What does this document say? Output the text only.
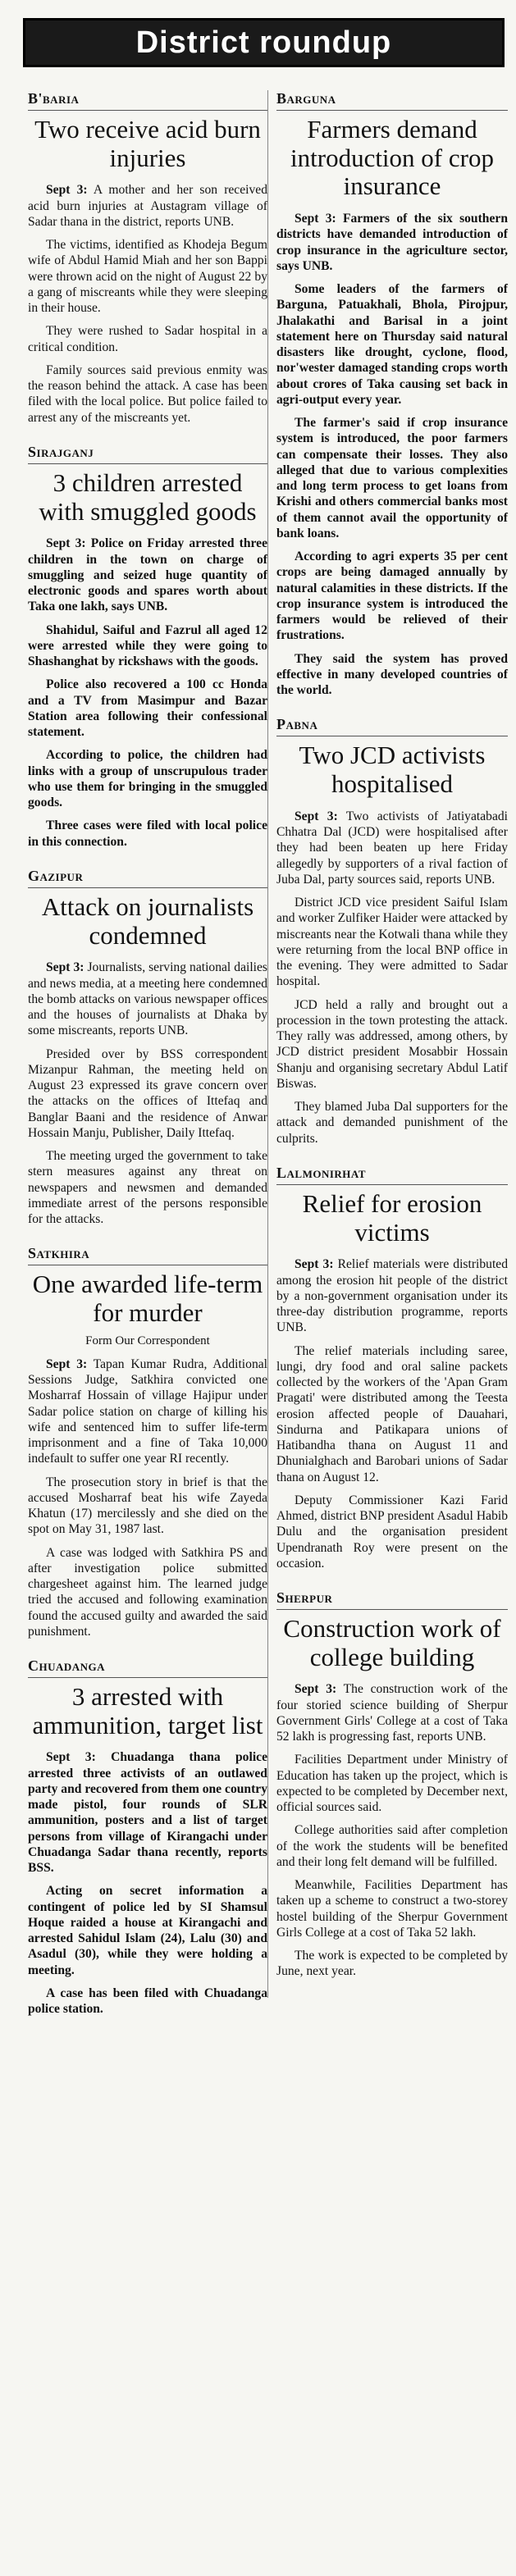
District roundup
B'baria
Two receive acid burn injuries

Sept 3: A mother and her son received acid burn injuries at Austagram village of Sadar thana in the district, reports UNB.

The victims, identified as Khodeja Begum wife of Abdul Hamid Miah and her son Bappi were thrown acid on the night of August 22 by a gang of miscreants while they were sleeping in their house.

They were rushed to Sadar hospital in a critical condition.

Family sources said previous enmity was the reason behind the attack. A case has been filed with the local police. But police failed to arrest any of the miscreants yet.

Sirajganj
3 children arrested with smuggled goods

Sept 3: Police on Friday arrested three children in the town on charge of smuggling and seized huge quantity of electronic goods and spares worth about Taka one lakh, says UNB.

Shahidul, Saiful and Fazrul all aged 12 were arrested while they were going to Shashanghat by rickshaws with the goods.

Police also recovered a 100 cc Honda and a TV from Masimpur and Bazar Station area following their confessional statement.

According to police, the children had links with a group of unscrupulous trader who use them for bringing in the smuggled goods.

Three cases were filed with local police in this connection.

Gazipur
Attack on journalists condemned

Sept 3: Journalists, serving national dailies and news media, at a meeting here condemned the bomb attacks on various newspaper offices and the houses of journalists at Dhaka by some miscreants, reports UNB.

Presided over by BSS correspondent Mizanpur Rahman, the meeting held on August 23 expressed its grave concern over the attacks on the offices of Ittefaq and Banglar Baani and the residence of Anwar Hossain Manju, Publisher, Daily Ittefaq.

The meeting urged the government to take stern measures against any threat on newspapers and newsmen and demanded immediate arrest of the persons responsible for the attacks.

Satkhira
One awarded life-term for murder
Form Our Correspondent

Sept 3: Tapan Kumar Rudra, Additional Sessions Judge, Satkhira convicted one Mosharraf Hossain of village Hajipur under Sadar police station on charge of killing his wife and sentenced him to suffer life-term imprisonment and a fine of Taka 10,000 indefault to suffer one year RI recently.

The prosecution story in brief is that the accused Mosharraf beat his wife Zayeda Khatun (17) mercilessly and she died on the spot on May 31, 1987 last.

A case was lodged with Satkhira PS and after investigation police submitted chargesheet against him. The learned judge tried the accused and following examination found the accused guilty and awarded the said punishment.

Chuadanga
3 arrested with ammunition, target list

Sept 3: Chuadanga thana police arrested three activists of an outlawed party and recovered from them one country made pistol, four rounds of SLR ammunition, posters and a list of target persons from village of Kirangachi under Chuadanga Sadar thana recently, reports BSS.

Acting on secret information a contingent of police led by SI Shamsul Hoque raided a house at Kirangachi and arrested Sahidul Islam (24), Lalu (30) and Asadul (30), while they were holding a meeting.

A case has been filed with Chuadanga police station.

Barguna
Farmers demand introduction of crop insurance

Sept 3: Farmers of the six southern districts have demanded introduction of crop insurance in the agriculture sector, says UNB.

Some leaders of the farmers of Barguna, Patuakhali, Bhola, Pirojpur, Jhalakathi and Barisal in a joint statement here on Thursday said natural disasters like drought, cyclone, flood, nor'wester damaged standing crops worth about crores of Taka causing set back in agri-output every year.

The farmer's said if crop insurance system is introduced, the poor farmers can compensate their losses. They also alleged that due to various complexities and long term process to get loans from Krishi and others commercial banks most of them cannot avail the opportunity of bank loans.

According to agri experts 35 per cent crops are being damaged annually by natural calamities in these districts. If the crop insurance system is introduced the farmers would be relieved of their frustrations.

They said the system has proved effective in many developed countries of the world.

Pabna
Two JCD activists hospitalised

Sept 3: Two activists of Jatiyatabadi Chhatra Dal (JCD) were hospitalised after they had been beaten up here Friday allegedly by supporters of a rival faction of Juba Dal, party sources said, reports UNB.

District JCD vice president Saiful Islam and worker Zulfiker Haider were attacked by miscreants near the Kotwali thana while they were returning from the local BNP office in the evening. They were admitted to Sadar hospital.

JCD held a rally and brought out a procession in the town protesting the attack. They rally was addressed, among others, by JCD district president Mosabbir Hossain Shanju and organising secretary Abdul Latif Biswas.

They blamed Juba Dal supporters for the attack and demanded punishment of the culprits.

Lalmonirhat
Relief for erosion victims

Sept 3: Relief materials were distributed among the erosion hit people of the district by a non-government organisation under its three-day distribution programme, reports UNB.

The relief materials including saree, lungi, dry food and oral saline packets collected by the workers of the 'Apan Gram Pragati' were distributed among the Teesta erosion affected people of Dauahari, Sindurna and Patikapara unions of Hatibandha thana on August 11 and Dhunialghach and Barobari unions of Sadar thana on August 12.

Deputy Commissioner Kazi Farid Ahmed, district BNP president Asadul Habib Dulu and the organisation president Upendranath Roy were present on the occasion.

Sherpur
Construction work of college building

Sept 3: The construction work of the four storied science building of Sherpur Government Girls' College at a cost of Taka 52 lakh is progressing fast, reports UNB.

Facilities Department under Ministry of Education has taken up the project, which is expected to be completed by December next, official sources said.

College authorities said after completion of the work the students will be benefited and their long felt demand will be fulfilled.

Meanwhile, Facilities Department has taken up a scheme to construct a two-storey hostel building of the Sherpur Government Girls College at a cost of Taka 52 lakh.

The work is expected to be completed by June, next year.
